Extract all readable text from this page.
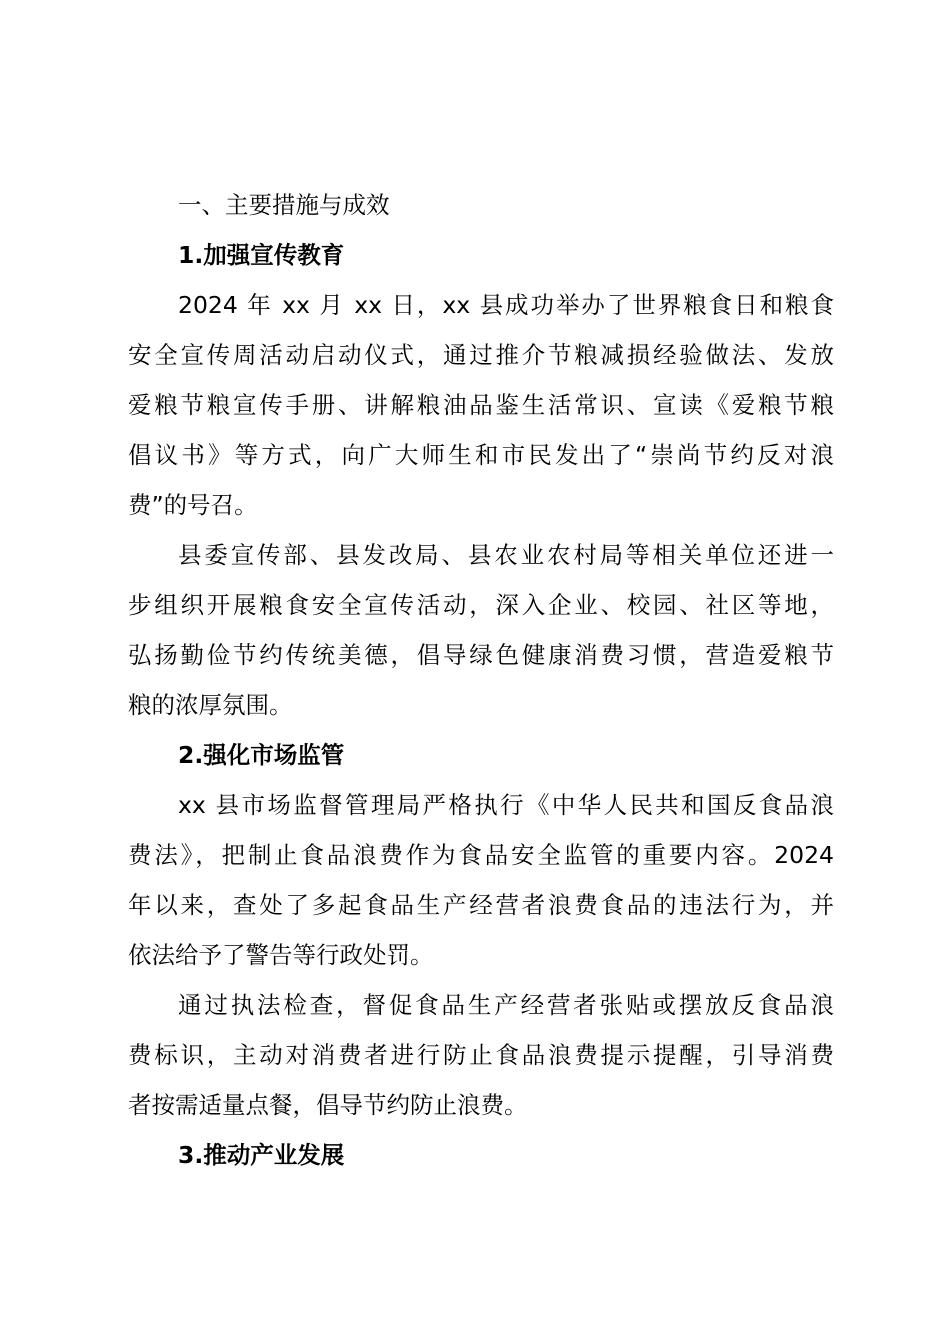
一、主要措施与成效
1.加强宣传教育
2024 年 xx 月 xx 日，xx 县成功举办了世界粮食日和粮食
安全宣传周活动启动仪式，通过推介节粮减损经验做法、发放
爱粮节粮宣传手册、讲解粮油品鉴生活常识、宣读《爱粮节粮
倡议书》等方式，向广大师生和市民发出了“崇尚节约反对浪
费”的号召。
县委宣传部、县发改局、县农业农村局等相关单位还进一
步组织开展粮食安全宣传活动，深入企业、校园、社区等地，
弘扬勤俭节约传统美德，倡导绿色健康消费习惯，营造爱粮节
粮的浓厚氛围。
2.强化市场监管
xx 县市场监督管理局严格执行《中华人民共和国反食品浪
费法》，把制止食品浪费作为食品安全监管的重要内容。2024
年以来，查处了多起食品生产经营者浪费食品的违法行为，并
依法给予了警告等行政处罚。
通过执法检查，督促食品生产经营者张贴或摆放反食品浪
费标识，主动对消费者进行防止食品浪费提示提醒，引导消费
者按需适量点餐，倡导节约防止浪费。
3.推动产业发展
